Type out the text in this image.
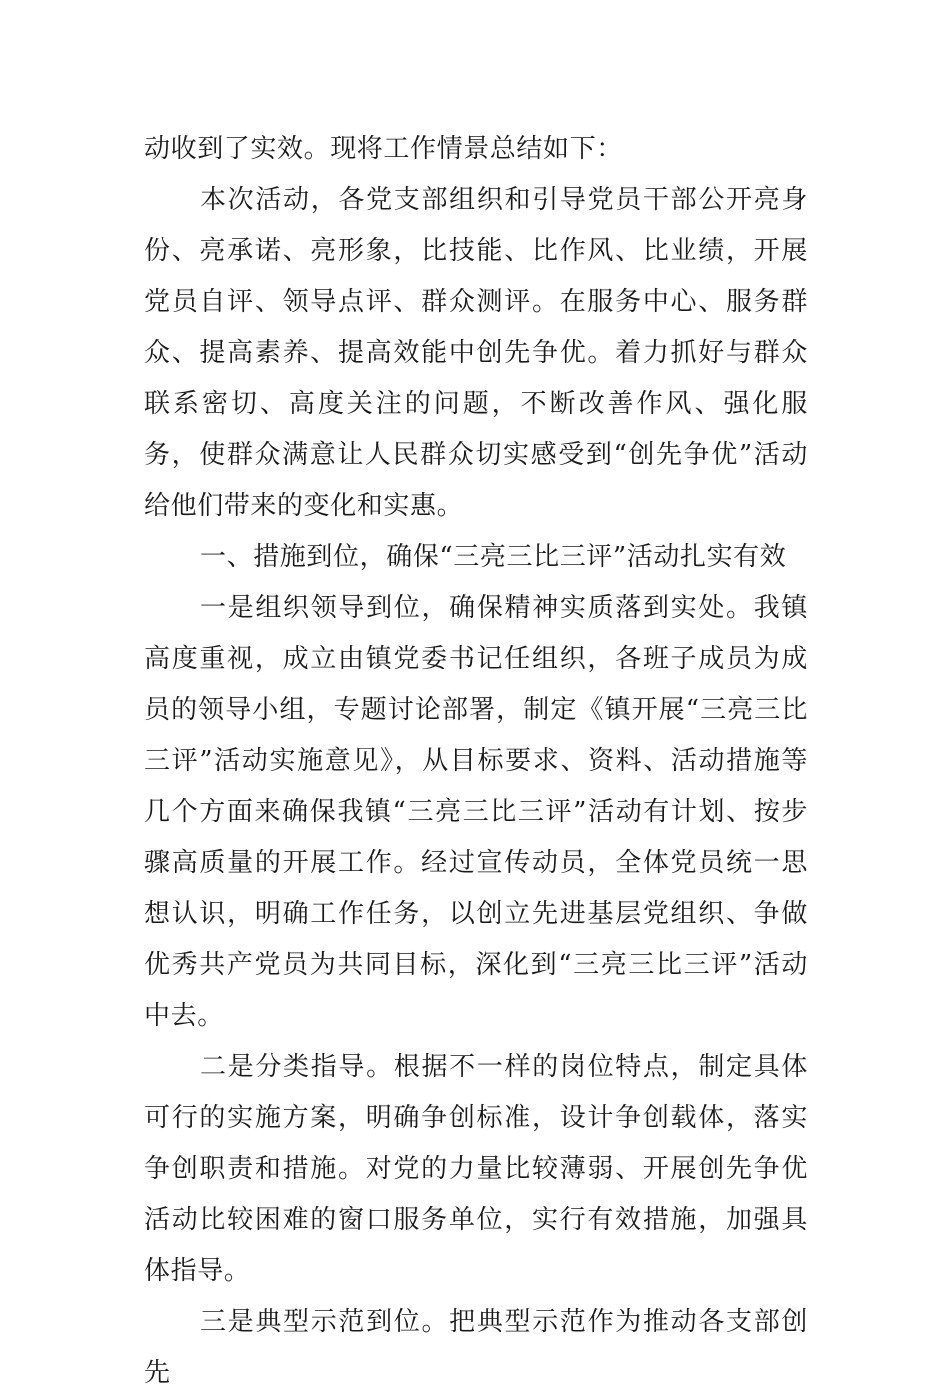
动收到了实效。现将工作情景总结如下：

本次活动，各党支部组织和引导党员干部公开亮身份、亮承诺、亮形象，比技能、比作风、比业绩，开展党员自评、领导点评、群众测评。在服务中心、服务群众、提高素养、提高效能中创先争优。着力抓好与群众联系密切、高度关注的问题，不断改善作风、强化服务，使群众满意让人民群众切实感受到“创先争优”活动给他们带来的变化和实惠。

一、措施到位，确保“三亮三比三评”活动扎实有效

一是组织领导到位，确保精神实质落到实处。我镇高度重视，成立由镇党委书记任组织，各班子成员为成员的领导小组，专题讨论部署，制定《镇开展“三亮三比三评”活动实施意见》，从目标要求、资料、活动措施等几个方面来确保我镇“三亮三比三评”活动有计划、按步骤高质量的开展工作。经过宣传动员，全体党员统一思想认识，明确工作任务，以创立先进基层党组织、争做优秀共产党员为共同目标，深化到“三亮三比三评”活动中去。

二是分类指导。根据不一样的岗位特点，制定具体可行的实施方案，明确争创标准，设计争创载体，落实争创职责和措施。对党的力量比较薄弱、开展创先争优活动比较困难的窗口服务单位，实行有效措施，加强具体指导。

三是典型示范到位。把典型示范作为推动各支部创先
